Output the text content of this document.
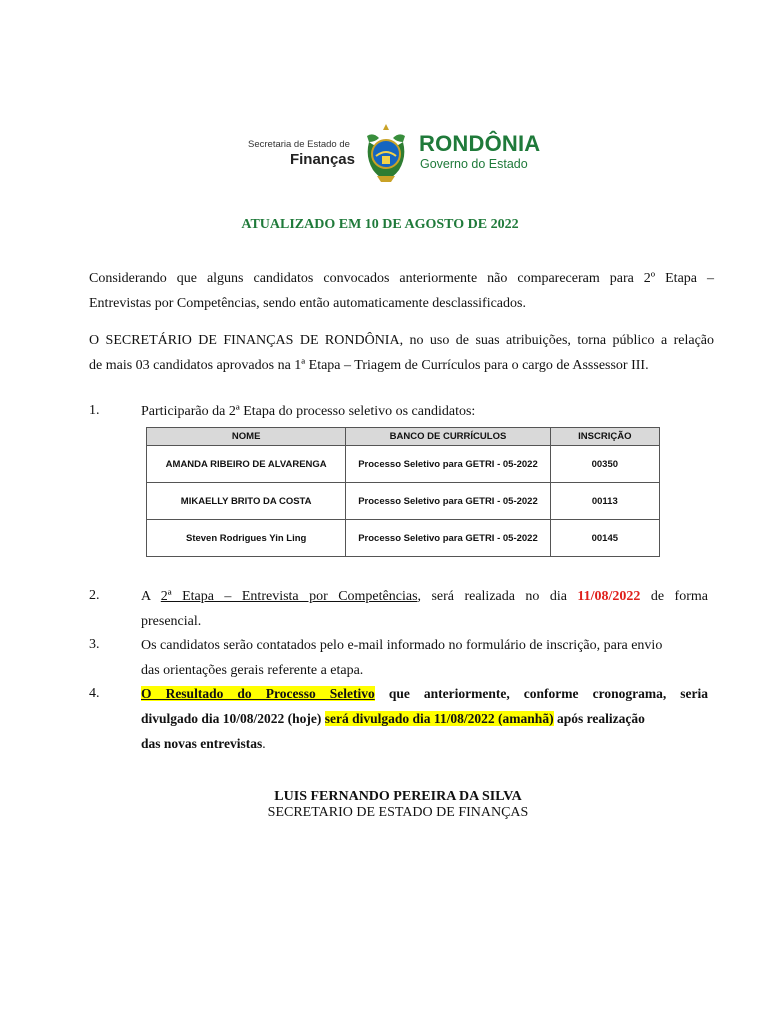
Secretaria de Estado de
Finanças
RONDÔNIA
Governo do Estado
ATUALIZADO EM 10 DE AGOSTO DE 2022
Considerando que alguns candidatos convocados anteriormente não compareceram para 2º Etapa –
Entrevistas por Competências, sendo então automaticamente desclassificados.
O SECRETÁRIO DE FINANÇAS DE RONDÔNIA, no uso de suas atribuições, torna público a relação
de mais 03 candidatos aprovados na 1ª Etapa – Triagem de Currículos para o cargo de Asssessor III.
1.	Participarão da 2ª Etapa do processo seletivo os candidatos:
NOME	BANCO DE CURRÍCULOS	INSCRIÇÃO
AMANDA RIBEIRO DE ALVARENGA	Processo Seletivo para GETRI - 05-2022	00350
MIKAELLY BRITO DA COSTA	Processo Seletivo para GETRI - 05-2022	00113
Steven Rodrigues Yin Ling	Processo Seletivo para GETRI - 05-2022	00145
2.	A 2ª Etapa – Entrevista por Competências, será realizada no dia 11/08/2022 de forma
presencial.
3.	Os candidatos serão contatados pelo e-mail informado no formulário de inscrição, para envio
das orientações gerais referente a etapa.
4.	O Resultado do Processo Seletivo que anteriormente, conforme cronograma, seria
divulgado dia 10/08/2022 (hoje) será divulgado dia 11/08/2022 (amanhã) após realização
das novas entrevistas.
LUIS FERNANDO PEREIRA DA SILVA
SECRETARIO DE ESTADO DE FINANÇAS
